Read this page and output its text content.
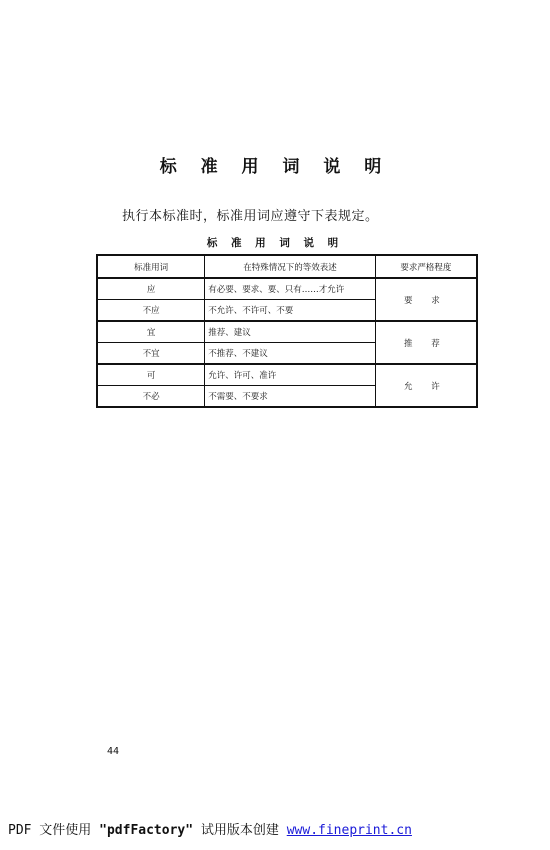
标 准 用 词 说 明
执行本标准时，标准用词应遵守下表规定。
标 准 用 词 说 明
标准用词	在特殊情况下的等效表述	要求严格程度
应	有必要、要求、要、只有……才允许	要 求
不应	不允许、不许可、不要	
宜	推荐、建议	推 荐
不宜	不推荐、不建议	
可	允许、许可、准许	允 许
不必	不需要、不要求	
44
PDF 文件使用 "pdfFactory" 试用版本创建 www.fineprint.cn
